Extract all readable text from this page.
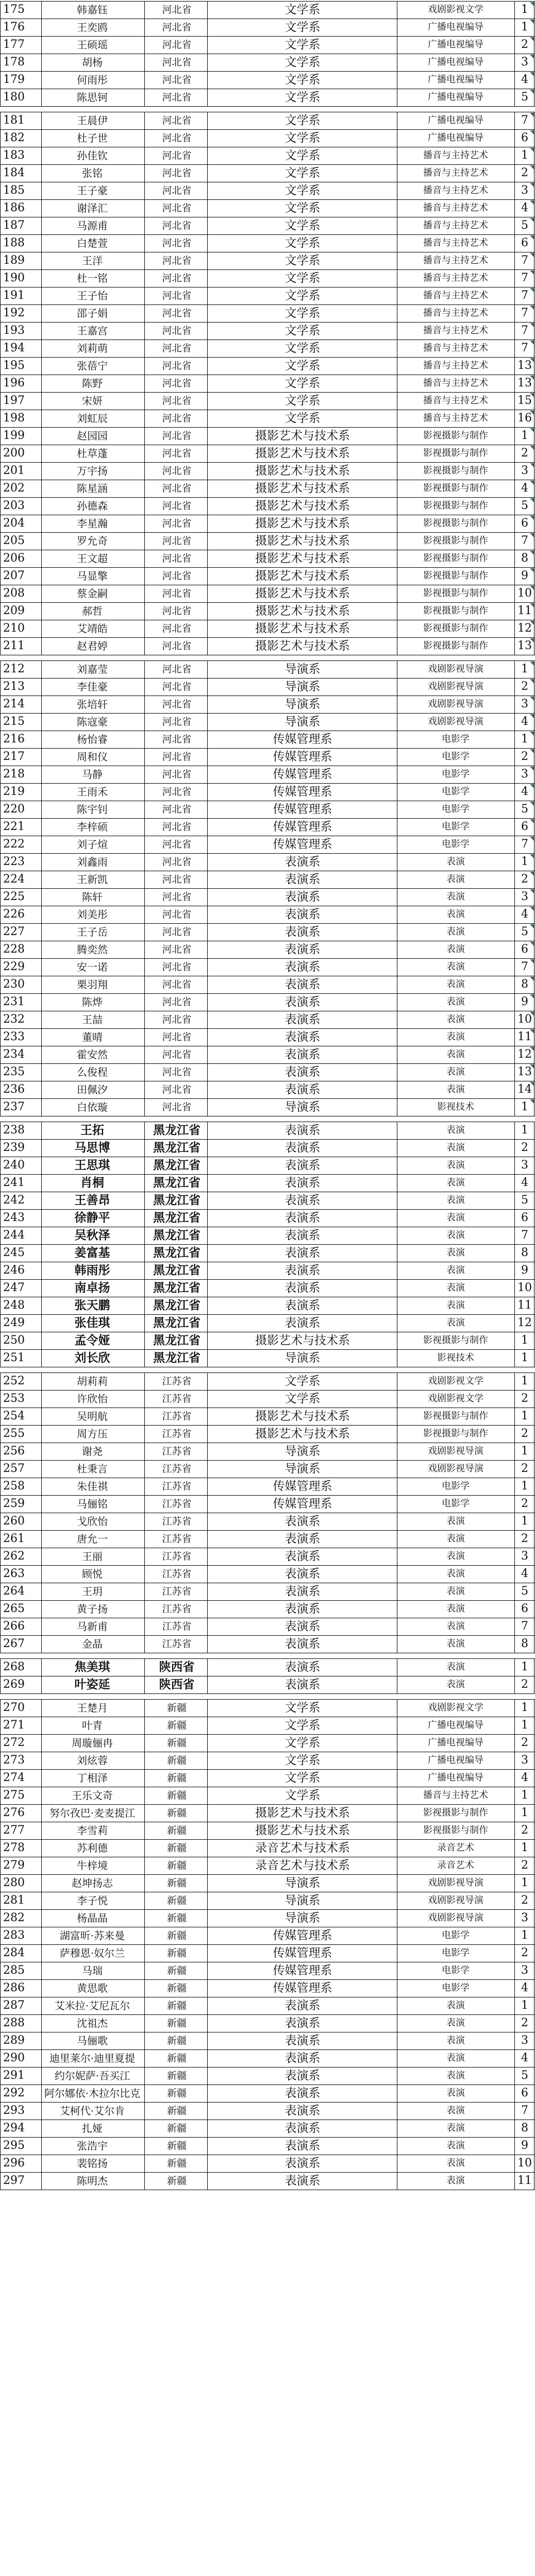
175	韩嘉钰	河北省	文学系	戏剧影视文学	1
176	王奕鸥	河北省	文学系	广播电视编导	1
177	王硕瑶	河北省	文学系	广播电视编导	2
178	胡杨	河北省	文学系	广播电视编导	3
179	何雨彤	河北省	文学系	广播电视编导	4
180	陈思钶	河北省	文学系	广播电视编导	5
181	王晨伊	河北省	文学系	广播电视编导	7
182	杜子世	河北省	文学系	广播电视编导	6
183	孙佳钦	河北省	文学系	播音与主持艺术	1
184	张铭	河北省	文学系	播音与主持艺术	2
185	王子豪	河北省	文学系	播音与主持艺术	3
186	谢泽汇	河北省	文学系	播音与主持艺术	4
187	马源甫	河北省	文学系	播音与主持艺术	5
188	白楚萱	河北省	文学系	播音与主持艺术	6
189	王洋	河北省	文学系	播音与主持艺术	7
190	杜一铭	河北省	文学系	播音与主持艺术	7
191	王子怡	河北省	文学系	播音与主持艺术	7
192	邵子娟	河北省	文学系	播音与主持艺术	7
193	王嘉宫	河北省	文学系	播音与主持艺术	7
194	刘莉萌	河北省	文学系	播音与主持艺术	7
195	张蓓宁	河北省	文学系	播音与主持艺术	13
196	陈野	河北省	文学系	播音与主持艺术	13
197	宋妍	河北省	文学系	播音与主持艺术	15
198	刘虹辰	河北省	文学系	播音与主持艺术	16
199	赵园园	河北省	摄影艺术与技术系	影视摄影与制作	1
200	杜草蓬	河北省	摄影艺术与技术系	影视摄影与制作	2
201	万宇扬	河北省	摄影艺术与技术系	影视摄影与制作	3
202	陈星涵	河北省	摄影艺术与技术系	影视摄影与制作	4
203	孙德森	河北省	摄影艺术与技术系	影视摄影与制作	5
204	李星瀚	河北省	摄影艺术与技术系	影视摄影与制作	6
205	罗允奇	河北省	摄影艺术与技术系	影视摄影与制作	7
206	王文超	河北省	摄影艺术与技术系	影视摄影与制作	8
207	马显擎	河北省	摄影艺术与技术系	影视摄影与制作	9
208	蔡金嗣	河北省	摄影艺术与技术系	影视摄影与制作	10
209	郝哲	河北省	摄影艺术与技术系	影视摄影与制作	11
210	艾靖皓	河北省	摄影艺术与技术系	影视摄影与制作	12
211	赵君婷	河北省	摄影艺术与技术系	影视摄影与制作	13
212	刘嘉莹	河北省	导演系	戏剧影视导演	1
213	李佳豪	河北省	导演系	戏剧影视导演	2
214	张培轩	河北省	导演系	戏剧影视导演	3
215	陈寇豪	河北省	导演系	戏剧影视导演	4
216	杨怡睿	河北省	传媒管理系	电影学	1
217	周和仪	河北省	传媒管理系	电影学	2
218	马静	河北省	传媒管理系	电影学	3
219	王雨禾	河北省	传媒管理系	电影学	4
220	陈宇钊	河北省	传媒管理系	电影学	5
221	李梓硕	河北省	传媒管理系	电影学	6
222	刘子煊	河北省	传媒管理系	电影学	7
223	刘鑫雨	河北省	表演系	表演	1
224	王新凯	河北省	表演系	表演	2
225	陈轩	河北省	表演系	表演	3
226	刘美彤	河北省	表演系	表演	4
227	王子岳	河北省	表演系	表演	5
228	腾奕然	河北省	表演系	表演	6
229	安一诺	河北省	表演系	表演	7
230	栗羽翔	河北省	表演系	表演	8
231	陈烨	河北省	表演系	表演	9
232	王喆	河北省	表演系	表演	10
233	董晴	河北省	表演系	表演	11
234	霍安然	河北省	表演系	表演	12
235	么俊程	河北省	表演系	表演	13
236	田佩汐	河北省	表演系	表演	14
237	白依璇	河北省	导演系	影视技术	1
238	王拓	黑龙江省	表演系	表演	1
239	马思博	黑龙江省	表演系	表演	2
240	王思琪	黑龙江省	表演系	表演	3
241	肖桐	黑龙江省	表演系	表演	4
242	王善昂	黑龙江省	表演系	表演	5
243	徐静平	黑龙江省	表演系	表演	6
244	吴秋泽	黑龙江省	表演系	表演	7
245	姜富基	黑龙江省	表演系	表演	8
246	韩雨彤	黑龙江省	表演系	表演	9
247	南卓扬	黑龙江省	表演系	表演	10
248	张天鹏	黑龙江省	表演系	表演	11
249	张佳琪	黑龙江省	表演系	表演	12
250	孟令娅	黑龙江省	摄影艺术与技术系	影视摄影与制作	1
251	刘长欣	黑龙江省	导演系	影视技术	1
252	胡莉莉	江苏省	文学系	戏剧影视文学	1
253	许欣怡	江苏省	文学系	戏剧影视文学	2
254	吴明航	江苏省	摄影艺术与技术系	影视摄影与制作	1
255	周方压	江苏省	摄影艺术与技术系	影视摄影与制作	2
256	谢尧	江苏省	导演系	戏剧影视导演	1
257	杜秉言	江苏省	导演系	戏剧影视导演	2
258	朱佳祺	江苏省	传媒管理系	电影学	1
259	马俪铭	江苏省	传媒管理系	电影学	2
260	戈欣怡	江苏省	表演系	表演	1
261	唐允一	江苏省	表演系	表演	2
262	王丽	江苏省	表演系	表演	3
263	顾悦	江苏省	表演系	表演	4
264	王玥	江苏省	表演系	表演	5
265	黄子扬	江苏省	表演系	表演	6
266	马新甫	江苏省	表演系	表演	7
267	金晶	江苏省	表演系	表演	8
268	焦美琪	陕西省	表演系	表演	1
269	叶姿延	陕西省	表演系	表演	2
270	王楚月	新疆	文学系	戏剧影视文学	1
271	叶青	新疆	文学系	广播电视编导	1
272	周璇俪冉	新疆	文学系	广播电视编导	2
273	刘炫蓉	新疆	文学系	广播电视编导	3
274	丁相泽	新疆	文学系	广播电视编导	4
275	王乐文奇	新疆	文学系	播音与主持艺术	1
276	努尔孜巴·麦麦提江	新疆	摄影艺术与技术系	影视摄影与制作	1
277	李雪莉	新疆	摄影艺术与技术系	影视摄影与制作	2
278	苏利德	新疆	录音艺术与技术系	录音艺术	1
279	牛梓境	新疆	录音艺术与技术系	录音艺术	2
280	赵坤扬志	新疆	导演系	戏剧影视导演	1
281	李子悦	新疆	导演系	戏剧影视导演	2
282	杨晶晶	新疆	导演系	戏剧影视导演	3
283	湖富昕·苏来曼	新疆	传媒管理系	电影学	1
284	萨穆恩·奴尔兰	新疆	传媒管理系	电影学	2
285	马瑞	新疆	传媒管理系	电影学	3
286	黄思歌	新疆	传媒管理系	电影学	4
287	艾米拉·艾尼瓦尔	新疆	表演系	表演	1
288	沈祖杰	新疆	表演系	表演	2
289	马俪歌	新疆	表演系	表演	3
290	迪里莱尔·迪里夏提	新疆	表演系	表演	4
291	约尔妮萨·吾买江	新疆	表演系	表演	5
292	阿尔娜依·木拉尔比克	新疆	表演系	表演	6
293	艾柯代·艾尔肯	新疆	表演系	表演	7
294	扎娅	新疆	表演系	表演	8
295	张浩宇	新疆	表演系	表演	9
296	裴铭扬	新疆	表演系	表演	10
297	陈明杰	新疆	表演系	表演	11
